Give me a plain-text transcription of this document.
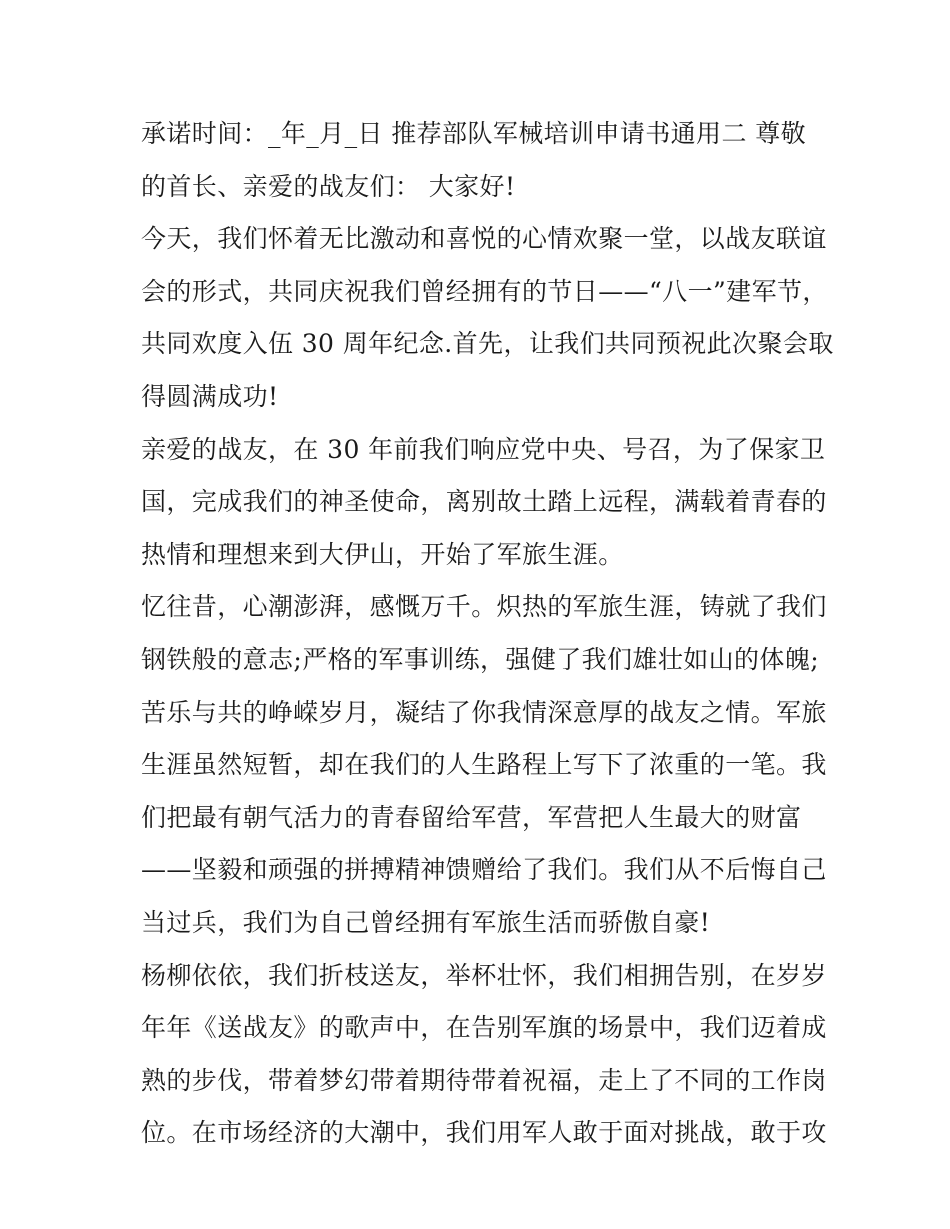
承诺时间：_年_月_日 推荐部队军械培训申请书通用二 尊敬
的首长、亲爱的战友们： 大家好!
今天，我们怀着无比激动和喜悦的心情欢聚一堂，以战友联谊
会的形式，共同庆祝我们曾经拥有的节日——“八一”建军节，
共同欢度入伍 30 周年纪念.首先，让我们共同预祝此次聚会取
得圆满成功!
亲爱的战友，在 30 年前我们响应党中央、号召，为了保家卫
国，完成我们的神圣使命，离别故土踏上远程，满载着青春的
热情和理想来到大伊山，开始了军旅生涯。
忆往昔，心潮澎湃，感慨万千。炽热的军旅生涯，铸就了我们
钢铁般的意志;严格的军事训练，强健了我们雄壮如山的体魄;
苦乐与共的峥嵘岁月，凝结了你我情深意厚的战友之情。军旅
生涯虽然短暂，却在我们的人生路程上写下了浓重的一笔。我
们把最有朝气活力的青春留给军营，军营把人生最大的财富
——坚毅和顽强的拼搏精神馈赠给了我们。我们从不后悔自己
当过兵，我们为自己曾经拥有军旅生活而骄傲自豪!
杨柳依依，我们折枝送友，举杯壮怀，我们相拥告别，在岁岁
年年《送战友》的歌声中，在告别军旗的场景中，我们迈着成
熟的步伐，带着梦幻带着期待带着祝福，走上了不同的工作岗
位。在市场经济的大潮中，我们用军人敢于面对挑战，敢于攻
